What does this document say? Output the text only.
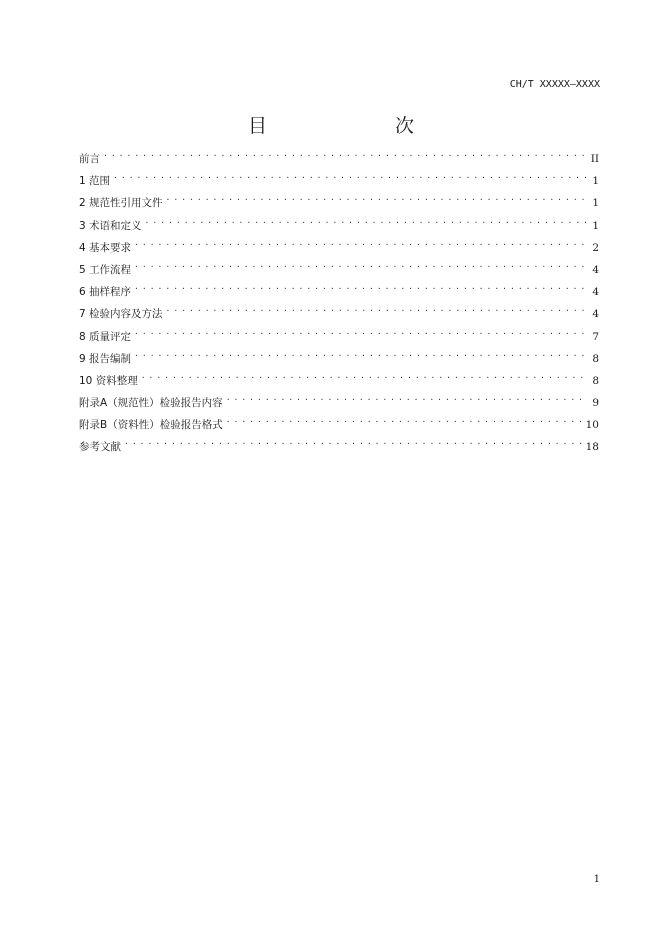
CH/T XXXXX—XXXX
目　　次
前言 . . .	II
1 范围 . . .	1
2 规范性引用文件 . . .	1
3 术语和定义 . . .	1
4 基本要求 . . .	2
5 工作流程 . . .	4
6 抽样程序 . . .	4
7 检验内容及方法 . . .	4
8 质量评定 . . .	7
9 报告编制 . . .	8
10 资料整理 . . .	8
附录A（规范性）检验报告内容 . . .	9
附录B（资料性）检验报告格式 . . .	10
参考文献 . . .	18
1
